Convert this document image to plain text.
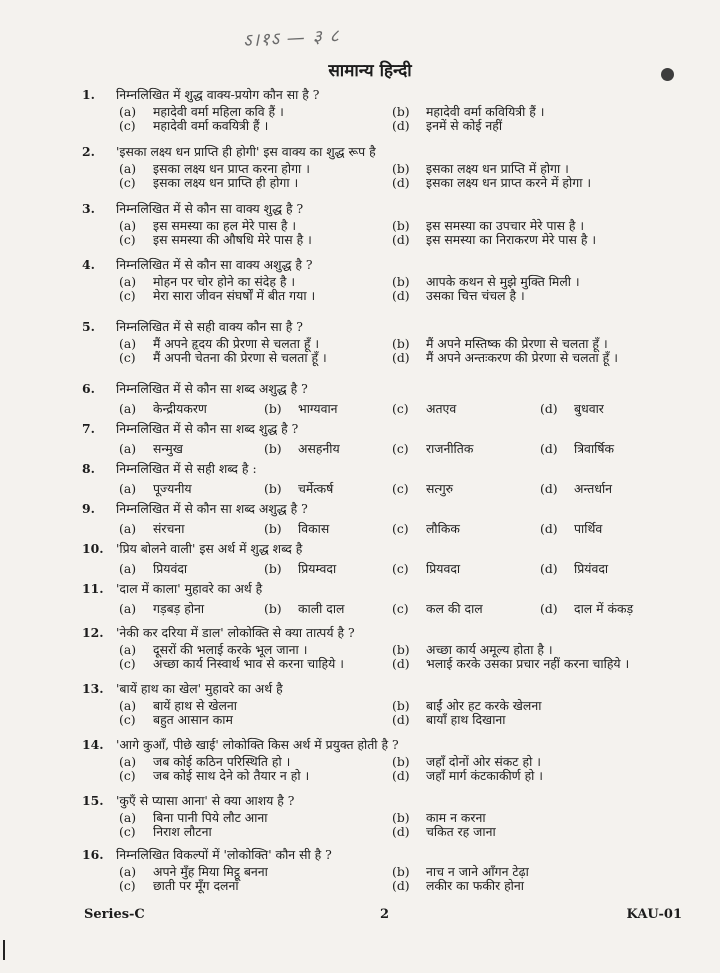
ऽ।१ऽ — ३ ८
सामान्य हिन्दी
1. निम्नलिखित में शुद्ध वाक्य-प्रयोग कौन सा है ?
(a) महादेवी वर्मा महिला कवि हैं ।	(b) महादेवी वर्मा कवियित्री हैं ।
(c) महादेवी वर्मा कवयित्री हैं ।	(d) इनमें से कोई नहीं
2. 'इसका लक्ष्य धन प्राप्ति ही होगी' इस वाक्य का शुद्ध रूप है
(a) इसका लक्ष्य धन प्राप्त करना होगा ।	(b) इसका लक्ष्य धन प्राप्ति में होगा ।
(c) इसका लक्ष्य धन प्राप्ति ही होगा ।	(d) इसका लक्ष्य धन प्राप्त करने में होगा ।
3. निम्नलिखित में से कौन सा वाक्य शुद्ध है ?
(a) इस समस्या का हल मेरे पास है ।	(b) इस समस्या का उपचार मेरे पास है ।
(c) इस समस्या की औषधि मेरे पास है ।	(d) इस समस्या का निराकरण मेरे पास है ।
4. निम्नलिखित में से कौन सा वाक्य अशुद्ध है ?
(a) मोहन पर चोर होने का संदेह है ।	(b) आपके कथन से मुझे मुक्ति मिली ।
(c) मेरा सारा जीवन संघर्षों में बीत गया ।	(d) उसका चित्त चंचल है ।
5. निम्नलिखित में से सही वाक्य कौन सा है ?
(a) मैं अपने हृदय की प्रेरणा से चलता हूँ ।	(b) मैं अपने मस्तिष्क की प्रेरणा से चलता हूँ ।
(c) मैं अपनी चेतना की प्रेरणा से चलता हूँ ।	(d) मैं अपने अन्तःकरण की प्रेरणा से चलता हूँ ।
6. निम्नलिखित में से कौन सा शब्द अशुद्ध है ?
(a) केन्द्रीयकरण	(b) भाग्यवान	(c) अतएव	(d) बुधवार
7. निम्नलिखित में से कौन सा शब्द शुद्ध है ?
(a) सन्मुख	(b) असहनीय	(c) राजनीतिक	(d) त्रिवार्षिक
8. निम्नलिखित में से सही शब्द है :
(a) पूज्यनीय	(b) चर्मेत्कर्ष	(c) सत्गुरु	(d) अन्तर्धान
9. निम्नलिखित में से कौन सा शब्द अशुद्ध है ?
(a) संरचना	(b) विकास	(c) लौकिक	(d) पार्थिव
10. 'प्रिय बोलने वाली' इस अर्थ में शुद्ध शब्द है
(a) प्रियवंदा	(b) प्रियम्वदा	(c) प्रियवदा	(d) प्रियंवदा
11. 'दाल में काला' मुहावरे का अर्थ है
(a) गड़बड़ होना	(b) काली दाल	(c) कल की दाल	(d) दाल में कंकड़
12. 'नेकी कर दरिया में डाल' लोकोक्ति से क्या तात्पर्य है ?
(a) दूसरों की भलाई करके भूल जाना ।	(b) अच्छा कार्य अमूल्य होता है ।
(c) अच्छा कार्य निस्वार्थ भाव से करना चाहिये ।	(d) भलाई करके उसका प्रचार नहीं करना चाहिये ।
13. 'बायें हाथ का खेल' मुहावरे का अर्थ है
(a) बायें हाथ से खेलना	(b) बाईं ओर हट करके खेलना
(c) बहुत आसान काम	(d) बायाँ हाथ दिखाना
14. 'आगे कुआँ, पीछे खाई' लोकोक्ति किस अर्थ में प्रयुक्त होती है ?
(a) जब कोई कठिन परिस्थिति हो ।	(b) जहाँ दोनों ओर संकट हो ।
(c) जब कोई साथ देने को तैयार न हो ।	(d) जहाँ मार्ग कंटकाकीर्ण हो ।
15. 'कुएँ से प्यासा आना' से क्या आशय है ?
(a) बिना पानी पिये लौट आना	(b) काम न करना
(c) निराश लौटना	(d) चकित रह जाना
16. निम्नलिखित विकल्पों में 'लोकोक्ति' कौन सी है ?
(a) अपने मुँह मिया मिट्ठू बनना	(b) नाच न जाने आँगन टेढ़ा
(c) छाती पर मूँग दलना	(d) लकीर का फकीर होना
Series-C	2	KAU-01
